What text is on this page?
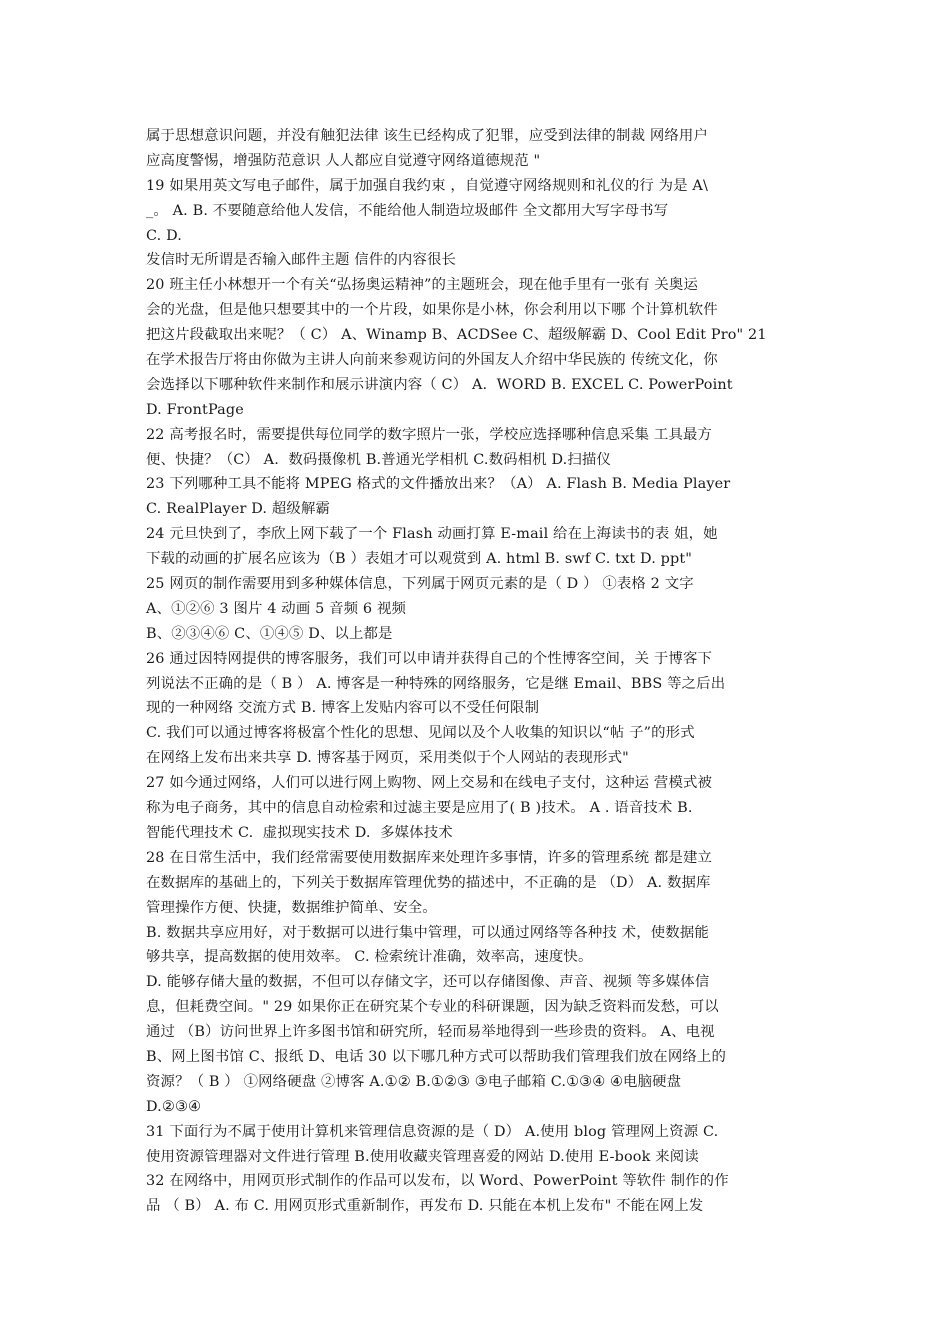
属于思想意识问题，并没有触犯法律 该生已经构成了犯罪，应受到法律的制裁 网络用户
应高度警惕，增强防范意识 人人都应自觉遵守网络道德规范 "
19 如果用英文写电子邮件，属于加强自我约束 ，自觉遵守网络规则和礼仪的行 为是 A\
_。 A. B. 不要随意给他人发信，不能给他人制造垃圾邮件 全文都用大写字母书写
C. D.
发信时无所谓是否输入邮件主题 信件的内容很长
20 班主任小林想开一个有关“弘扬奥运精神”的主题班会，现在他手里有一张有 关奥运
会的光盘，但是他只想要其中的一个片段，如果你是小林，你会利用以下哪 个计算机软件
把这片段截取出来呢？（ C） A、Winamp B、ACDSee C、超级解霸 D、Cool Edit Pro" 21
在学术报告厅将由你做为主讲人向前来参观访问的外国友人介绍中华民族的 传统文化，你
会选择以下哪种软件来制作和展示讲演内容（ C） A.  WORD B. EXCEL C. PowerPoint
D. FrontPage
22 高考报名时，需要提供每位同学的数字照片一张，学校应选择哪种信息采集 工具最方
便、快捷？（C） A.  数码摄像机 B.普通光学相机 C.数码相机 D.扫描仪
23 下列哪种工具不能将 MPEG 格式的文件播放出来？（A） A. Flash B. Media Player
C. RealPlayer D. 超级解霸
24 元旦快到了，李欣上网下载了一个 Flash 动画打算 E-mail 给在上海读书的表 姐，她
下载的动画的扩展名应该为（B ）表姐才可以观赏到 A. html B. swf C. txt D. ppt"
25 网页的制作需要用到多种媒体信息，下列属于网页元素的是（ D ） ①表格 2 文字
A、①②⑥ 3 图片 4 动画 5 音频 6 视频
B、②③④⑥ C、①④⑤ D、以上都是
26 通过因特网提供的博客服务，我们可以申请并获得自己的个性博客空间，关 于博客下
列说法不正确的是（ B ） A. 博客是一种特殊的网络服务，它是继 Email、BBS 等之后出
现的一种网络 交流方式 B. 博客上发贴内容可以不受任何限制
C. 我们可以通过博客将极富个性化的思想、见闻以及个人收集的知识以“帖 子”的形式
在网络上发布出来共享 D. 博客基于网页，采用类似于个人网站的表现形式"
27 如今通过网络，人们可以进行网上购物、网上交易和在线电子支付，这种运 营模式被
称为电子商务，其中的信息自动检索和过滤主要是应用了( B )技术。 A . 语音技术 B.
智能代理技术 C.  虚拟现实技术 D.  多媒体技术
28 在日常生活中，我们经常需要使用数据库来处理许多事情，许多的管理系统 都是建立
在数据库的基础上的，下列关于数据库管理优势的描述中，不正确的是 （D） A. 数据库
管理操作方便、快捷，数据维护简单、安全。
B. 数据共享应用好，对于数据可以进行集中管理，可以通过网络等各种技 术，使数据能
够共享，提高数据的使用效率。 C. 检索统计准确，效率高，速度快。
D. 能够存储大量的数据，不但可以存储文字，还可以存储图像、声音、视频 等多媒体信
息，但耗费空间。" 29 如果你正在研究某个专业的科研课题，因为缺乏资料而发愁，可以
通过 （B）访问世界上许多图书馆和研究所，轻而易举地得到一些珍贵的资料。 A、电视
B、网上图书馆 C、报纸 D、电话 30 以下哪几种方式可以帮助我们管理我们放在网络上的
资源？（ B ） ①网络硬盘 ②博客 A.①② B.①②③ ③电子邮箱 C.①③④ ④电脑硬盘
D.②③④
31 下面行为不属于使用计算机来管理信息资源的是（ D） A.使用 blog 管理网上资源 C.
使用资源管理器对文件进行管理 B.使用收藏夹管理喜爱的网站 D.使用 E-book 来阅读
32 在网络中，用网页形式制作的作品可以发布，以 Word、PowerPoint 等软件 制作的作
品 （ B） A. 布 C. 用网页形式重新制作，再发布 D. 只能在本机上发布" 不能在网上发
